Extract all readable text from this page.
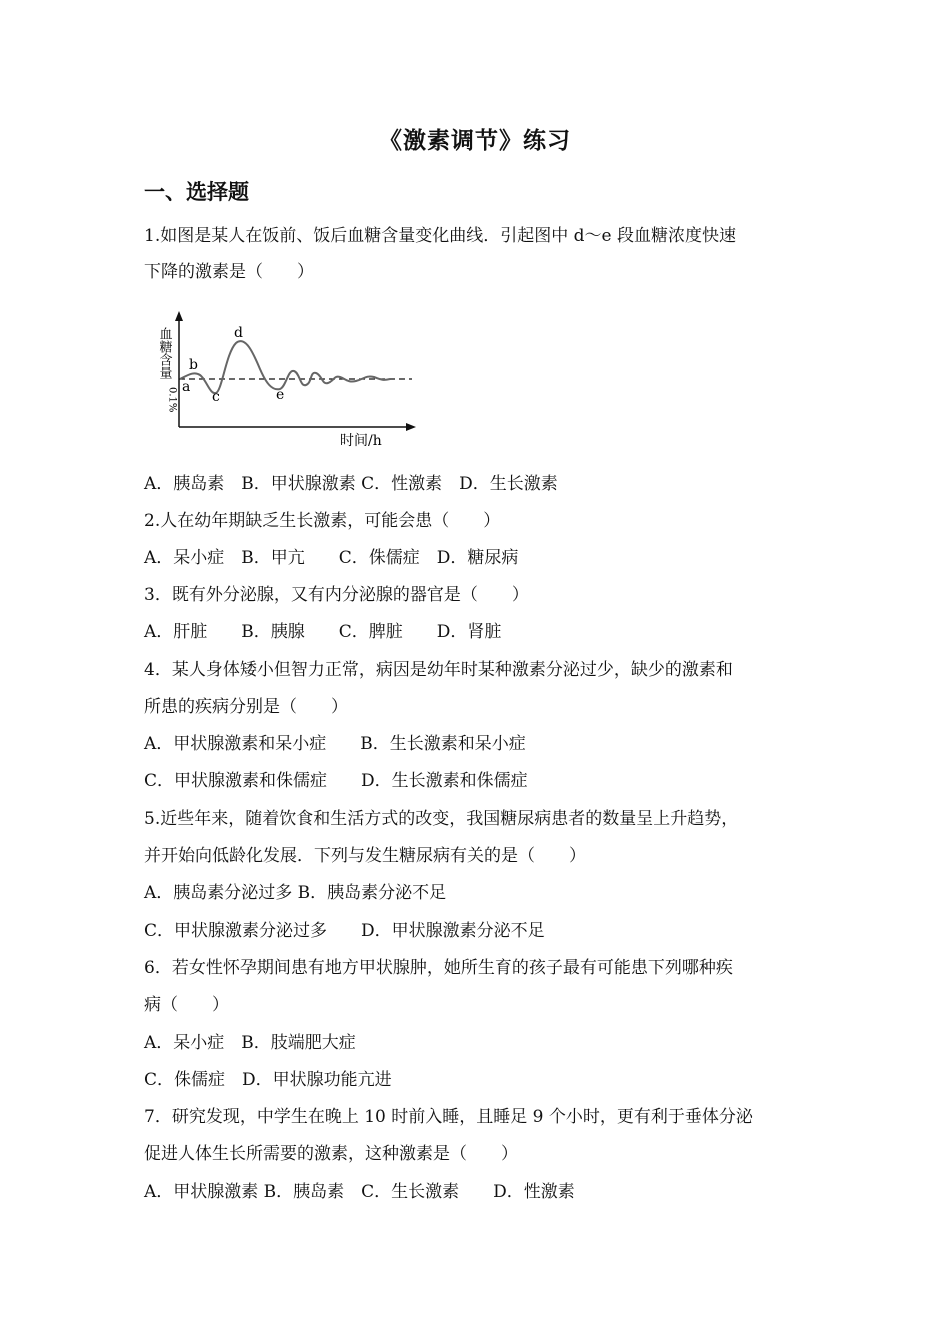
《激素调节》练习
一、选择题
1.如图是某人在饭前、饭后血糖含量变化曲线．引起图中 d～e 段血糖浓度快速
下降的激素是（　　）
血糖含量
0.1% a
b
c
d
e
时间/h
A．胰岛素　B．甲状腺激素 C．性激素　D．生长激素
2.人在幼年期缺乏生长激素，可能会患（　　）
A．呆小症　B．甲亢　　C．侏儒症　D．糖尿病
3．既有外分泌腺，又有内分泌腺的器官是（　　）
A．肝脏　　B．胰腺　　C．脾脏　　D．肾脏
4．某人身体矮小但智力正常，病因是幼年时某种激素分泌过少，缺少的激素和
所患的疾病分别是（　　）
A．甲状腺激素和呆小症　　B．生长激素和呆小症
C．甲状腺激素和侏儒症　　D．生长激素和侏儒症
5.近些年来，随着饮食和生活方式的改变，我国糖尿病患者的数量呈上升趋势，
并开始向低龄化发展．下列与发生糖尿病有关的是（　　）
A．胰岛素分泌过多 B．胰岛素分泌不足
C．甲状腺激素分泌过多　　D．甲状腺激素分泌不足
6．若女性怀孕期间患有地方甲状腺肿，她所生育的孩子最有可能患下列哪种疾
病（　　）
A．呆小症　B．肢端肥大症
C．侏儒症　D．甲状腺功能亢进
7．研究发现，中学生在晚上 10 时前入睡，且睡足 9 个小时，更有利于垂体分泌
促进人体生长所需要的激素，这种激素是（　　）
A．甲状腺激素 B．胰岛素　C．生长激素　　D．性激素
